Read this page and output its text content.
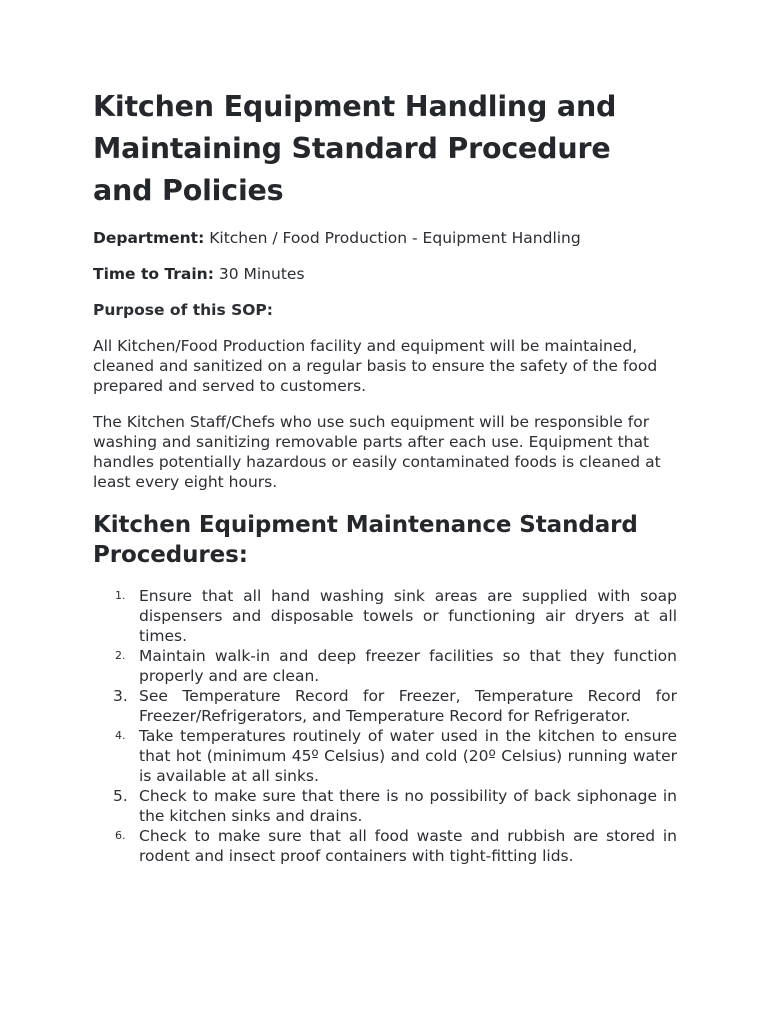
Kitchen Equipment Handling and Maintaining Standard Procedure and Policies

Department: Kitchen / Food Production - Equipment Handling

Time to Train: 30 Minutes

Purpose of this SOP:

All Kitchen/Food Production facility and equipment will be maintained, cleaned and sanitized on a regular basis to ensure the safety of the food prepared and served to customers.

The Kitchen Staff/Chefs who use such equipment will be responsible for washing and sanitizing removable parts after each use. Equipment that handles potentially hazardous or easily contaminated foods is cleaned at least every eight hours.

Kitchen Equipment Maintenance Standard Procedures:
1. Ensure that all hand washing sink areas are supplied with soap dispensers and disposable towels or functioning air dryers at all times.
2. Maintain walk-in and deep freezer facilities so that they function properly and are clean.
3. See Temperature Record for Freezer, Temperature Record for Freezer/Refrigerators, and Temperature Record for Refrigerator.
4. Take temperatures routinely of water used in the kitchen to ensure that hot (minimum 45º Celsius) and cold (20º Celsius) running water is available at all sinks.
5. Check to make sure that there is no possibility of back siphonage in the kitchen sinks and drains.
6. Check to make sure that all food waste and rubbish are stored in rodent and insect proof containers with tight-fitting lids.
